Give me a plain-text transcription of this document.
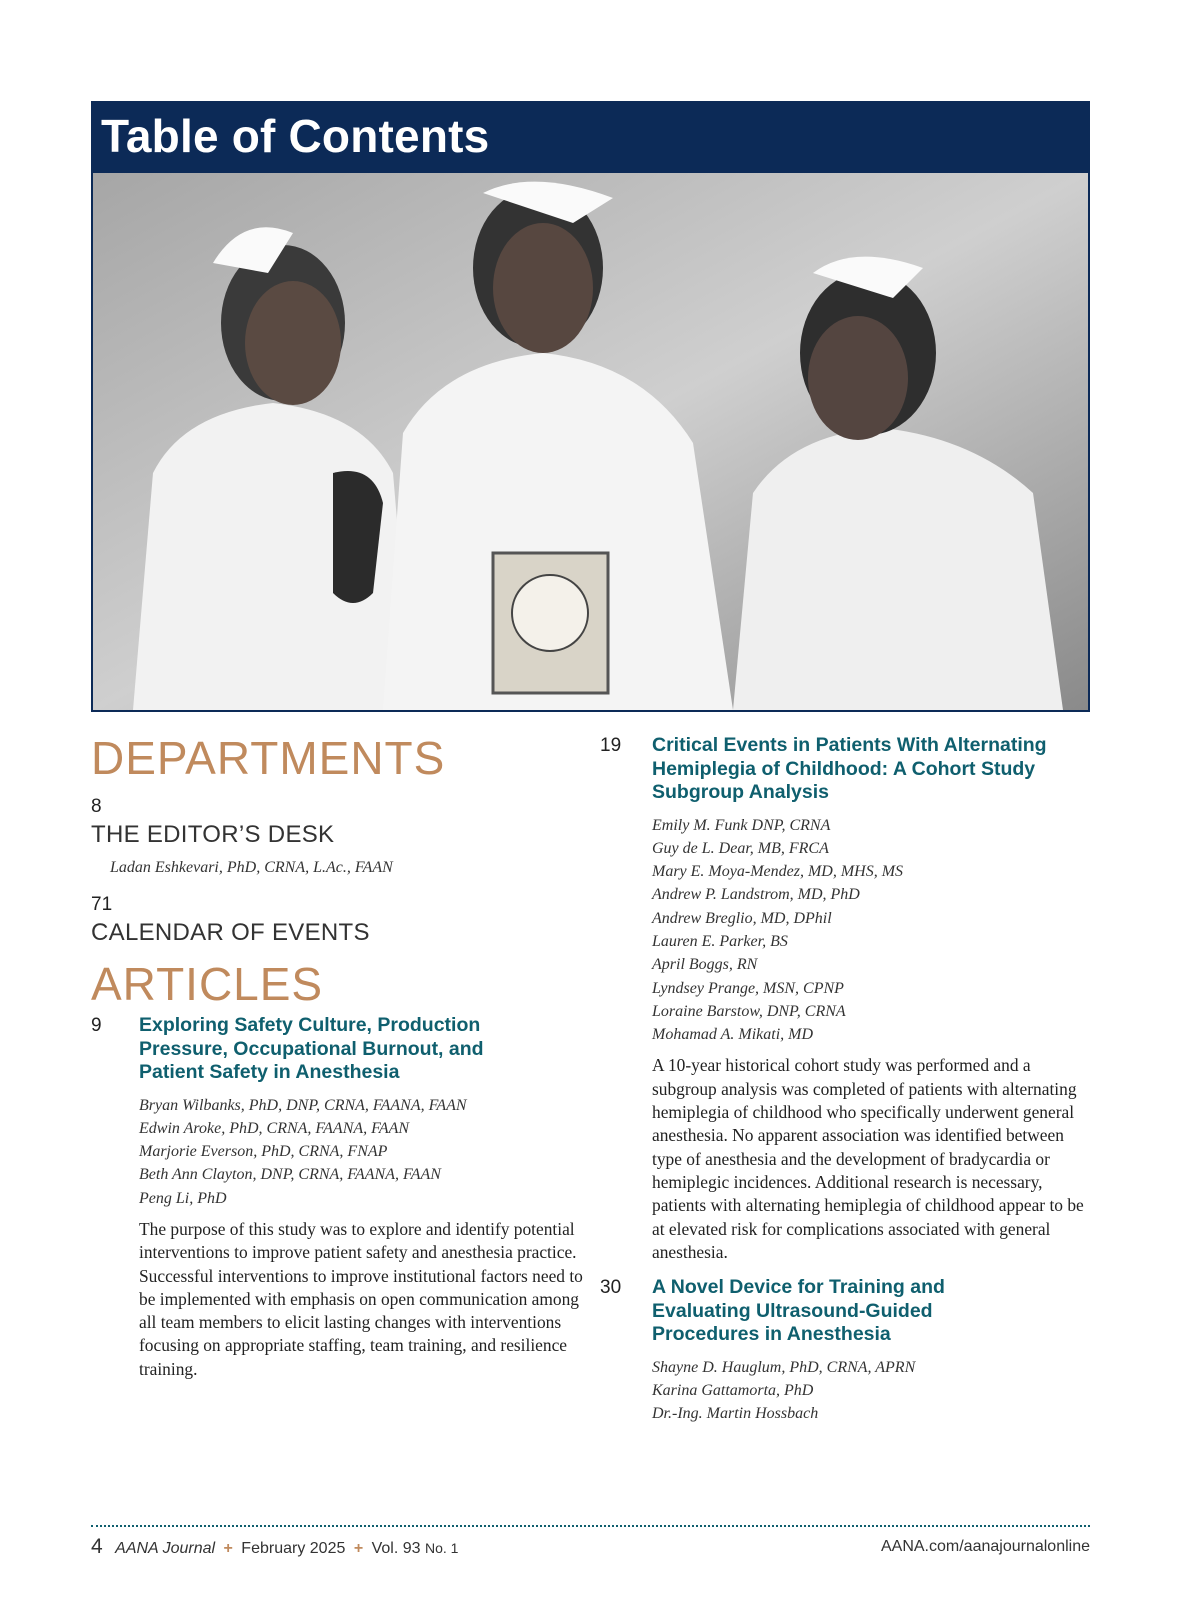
Table of Contents
DEPARTMENTS
8
THE EDITOR’S DESK
Ladan Eshkevari, PhD, CRNA, L.Ac., FAAN
71
CALENDAR OF EVENTS
ARTICLES
9 Exploring Safety Culture, Production Pressure, Occupational Burnout, and Patient Safety in Anesthesia
Bryan Wilbanks, PhD, DNP, CRNA, FAANA, FAAN
Edwin Aroke, PhD, CRNA, FAANA, FAAN
Marjorie Everson, PhD, CRNA, FNAP
Beth Ann Clayton, DNP, CRNA, FAANA, FAAN
Peng Li, PhD

The purpose of this study was to explore and identify potential interventions to improve patient safety and anesthesia practice. Successful interventions to improve institutional factors need to be implemented with emphasis on open communication among all team members to elicit lasting changes with interventions focusing on appropriate staffing, team training, and resilience training.

19 Critical Events in Patients With Alternating Hemiplegia of Childhood: A Cohort Study Subgroup Analysis
Emily M. Funk DNP, CRNA
Guy de L. Dear, MB, FRCA
Mary E. Moya-Mendez, MD, MHS, MS
Andrew P. Landstrom, MD, PhD
Andrew Breglio, MD, DPhil
Lauren E. Parker, BS
April Boggs, RN
Lyndsey Prange, MSN, CPNP
Loraine Barstow, DNP, CRNA
Mohamad A. Mikati, MD

A 10-year historical cohort study was performed and a subgroup analysis was completed of patients with alternating hemiplegia of childhood who specifically underwent general anesthesia. No apparent association was identified between type of anesthesia and the development of bradycardia or hemiplegic incidences. Additional research is necessary, patients with alternating hemiplegia of childhood appear to be at elevated risk for complications associated with general anesthesia.

30 A Novel Device for Training and Evaluating Ultrasound-Guided Procedures in Anesthesia
Shayne D. Hauglum, PhD, CRNA, APRN
Karina Gattamorta, PhD
Dr.-Ing. Martin Hossbach
4 AANA Journal + February 2025 + Vol. 93 No. 1	AANA.com/aanajournalonline
